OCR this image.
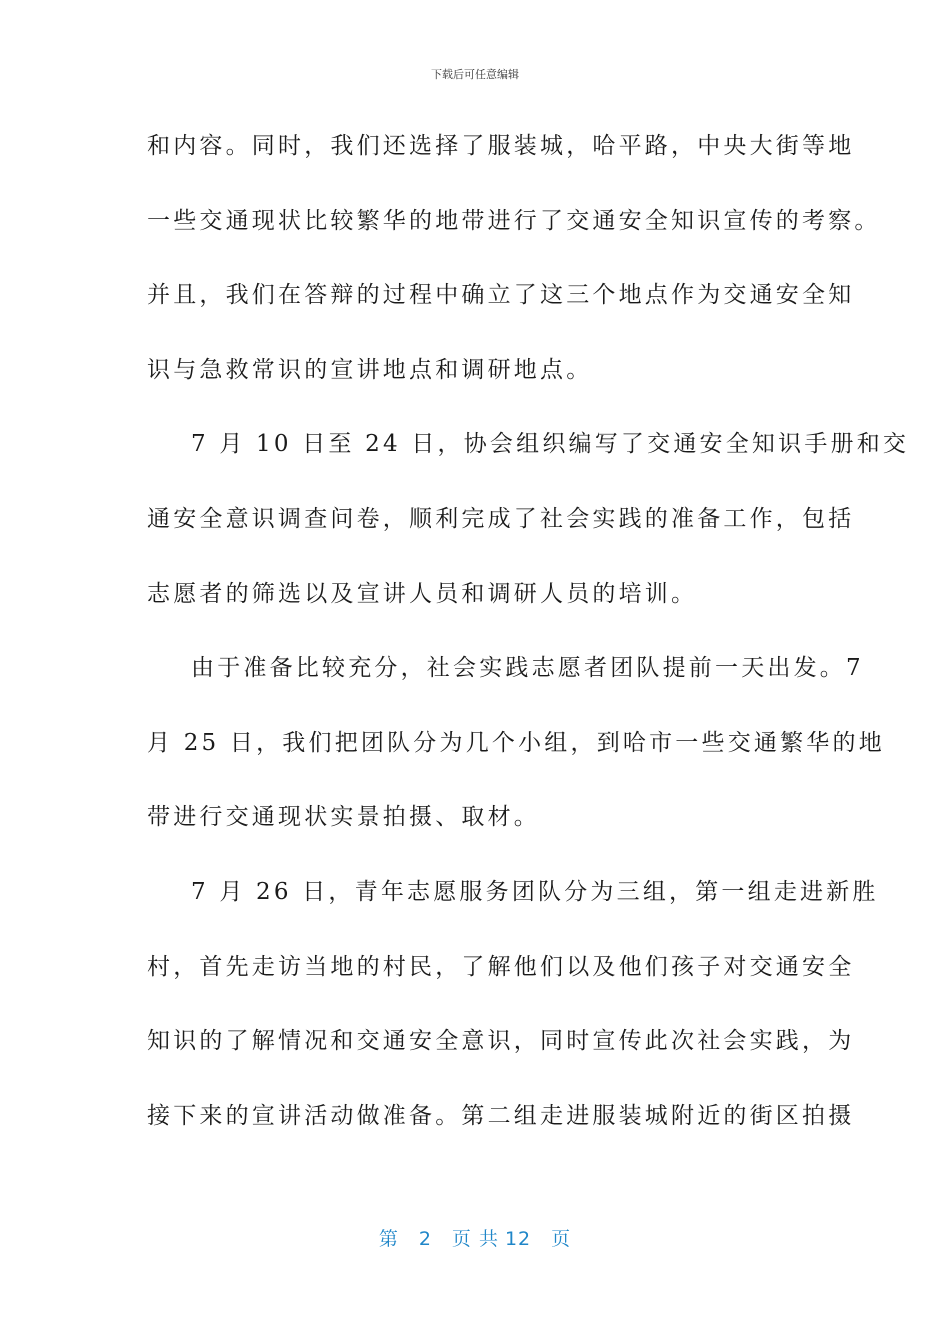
下载后可任意编辑
和内容。同时，我们还选择了服装城，哈平路，中央大街等地
一些交通现状比较繁华的地带进行了交通安全知识宣传的考察。
并且，我们在答辩的过程中确立了这三个地点作为交通安全知
识与急救常识的宣讲地点和调研地点。
7 月 10 日至 24 日，协会组织编写了交通安全知识手册和交
通安全意识调查问卷，顺利完成了社会实践的准备工作，包括
志愿者的筛选以及宣讲人员和调研人员的培训。
由于准备比较充分，社会实践志愿者团队提前一天出发。7
月 25 日，我们把团队分为几个小组，到哈市一些交通繁华的地
带进行交通现状实景拍摄、取材。
7 月 26 日，青年志愿服务团队分为三组，第一组走进新胜
村，首先走访当地的村民，了解他们以及他们孩子对交通安全
知识的了解情况和交通安全意识，同时宣传此次社会实践，为
接下来的宣讲活动做准备。第二组走进服装城附近的街区拍摄
第 2 页 共 12 页
